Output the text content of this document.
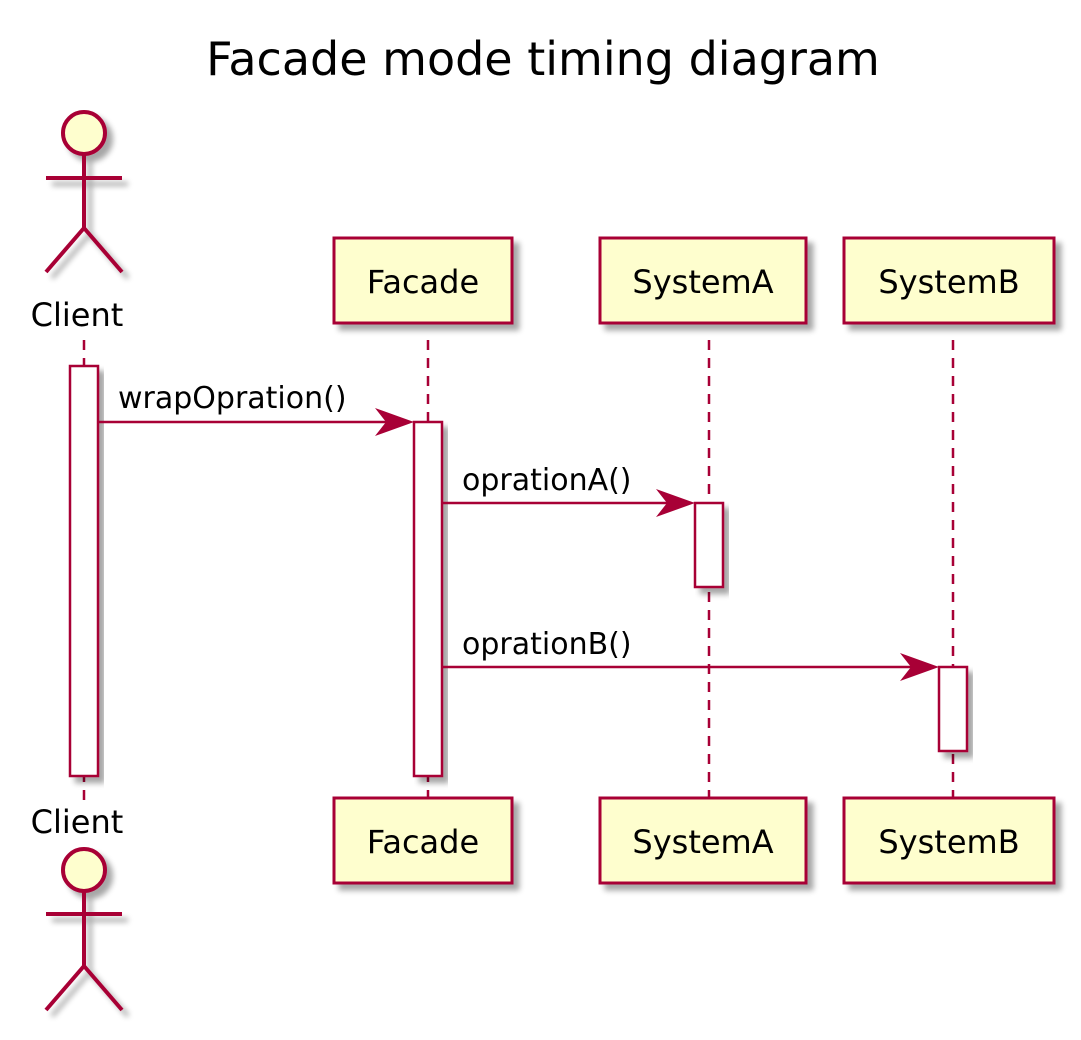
Facade mode timing diagram
wrapOpration()
oprationA()
oprationB()
Client
Facade	SystemA	SystemB
Facade	SystemA	SystemB
Client
